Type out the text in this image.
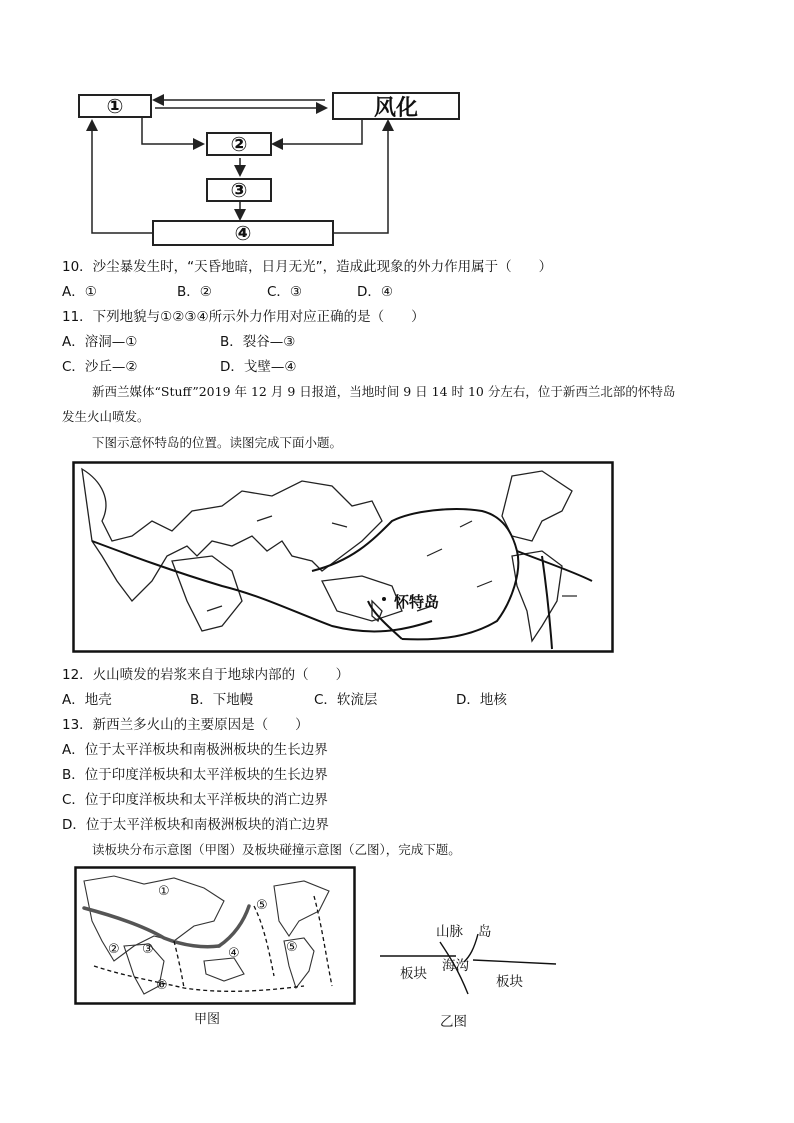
①	风化
②
③
④
10．沙尘暴发生时，“天昏地暗，日月无光”，造成此现象的外力作用属于（　　）
A．①	B．②	C．③	D．④
11．下列地貌与①②③④所示外力作用对应正确的是（　　）
A．溶洞—①	B．裂谷—③
C．沙丘—②	D．戈壁—④
新西兰媒体“Stuff”2019 年 12 月 9 日报道，当地时间 9 日 14 时 10 分左右，位于新西兰北部的怀特岛
发生火山喷发。
下图示意怀特岛的位置。读图完成下面小题。
怀特岛
12．火山喷发的岩浆来自于地球内部的（　　）
A．地壳	B．下地幔	C．软流层	D．地核
13．新西兰多火山的主要原因是（　　）
A．位于太平洋板块和南极洲板块的生长边界
B．位于印度洋板块和太平洋板块的生长边界
C．位于印度洋板块和太平洋板块的消亡边界
D．位于太平洋板块和南极洲板块的消亡边界
读板块分布示意图（甲图）及板块碰撞示意图（乙图），完成下题。
①
② ③	④
⑤
⑤
⑥
甲图
山脉 岛
海沟
板块	板块
乙图
